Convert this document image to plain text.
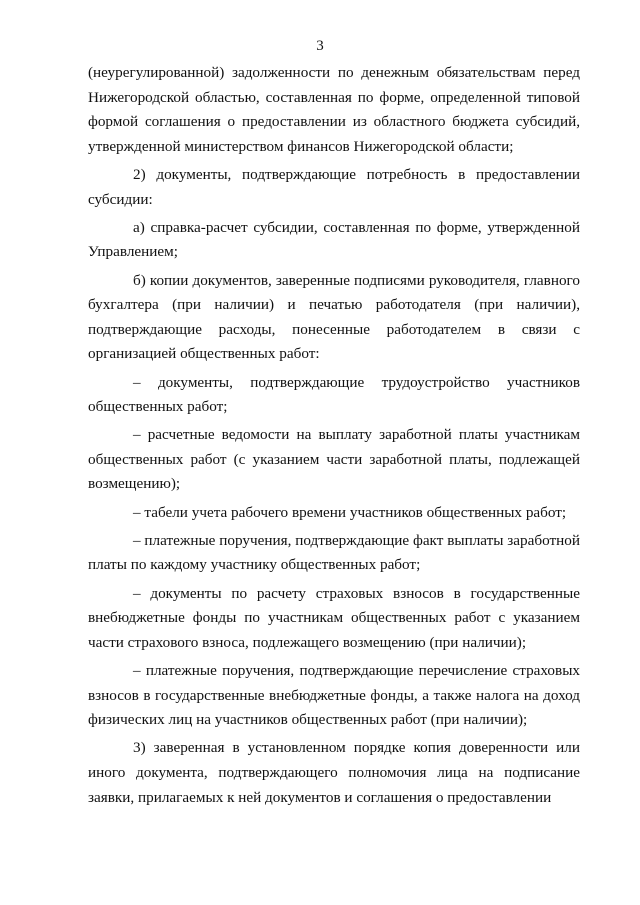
3

(неурегулированной) задолженности по денежным обязательствам перед Нижегородской областью, составленная по форме, определенной типовой формой соглашения о предоставлении из областного бюджета субсидий, утвержденной министерством финансов Нижегородской области;

2) документы, подтверждающие потребность в предоставлении субсидии:

а) справка-расчет субсидии, составленная по форме, утвержденной Управлением;

б) копии документов, заверенные подписями руководителя, главного бухгалтера (при наличии) и печатью работодателя (при наличии), подтверждающие расходы, понесенные работодателем в связи с организацией общественных работ:

– документы, подтверждающие трудоустройство участников общественных работ;

– расчетные ведомости на выплату заработной платы участникам общественных работ (с указанием части заработной платы, подлежащей возмещению);

– табели учета рабочего времени участников общественных работ;

– платежные поручения, подтверждающие факт выплаты заработной платы по каждому участнику общественных работ;

– документы по расчету страховых взносов в государственные внебюджетные фонды по участникам общественных работ с указанием части страхового взноса, подлежащего возмещению (при наличии);

– платежные поручения, подтверждающие перечисление страховых взносов в государственные внебюджетные фонды, а также налога на доход физических лиц на участников общественных работ (при наличии);

3) заверенная в установленном порядке копия доверенности или иного документа, подтверждающего полномочия лица на подписание заявки, прилагаемых к ней документов и соглашения о предоставлении
